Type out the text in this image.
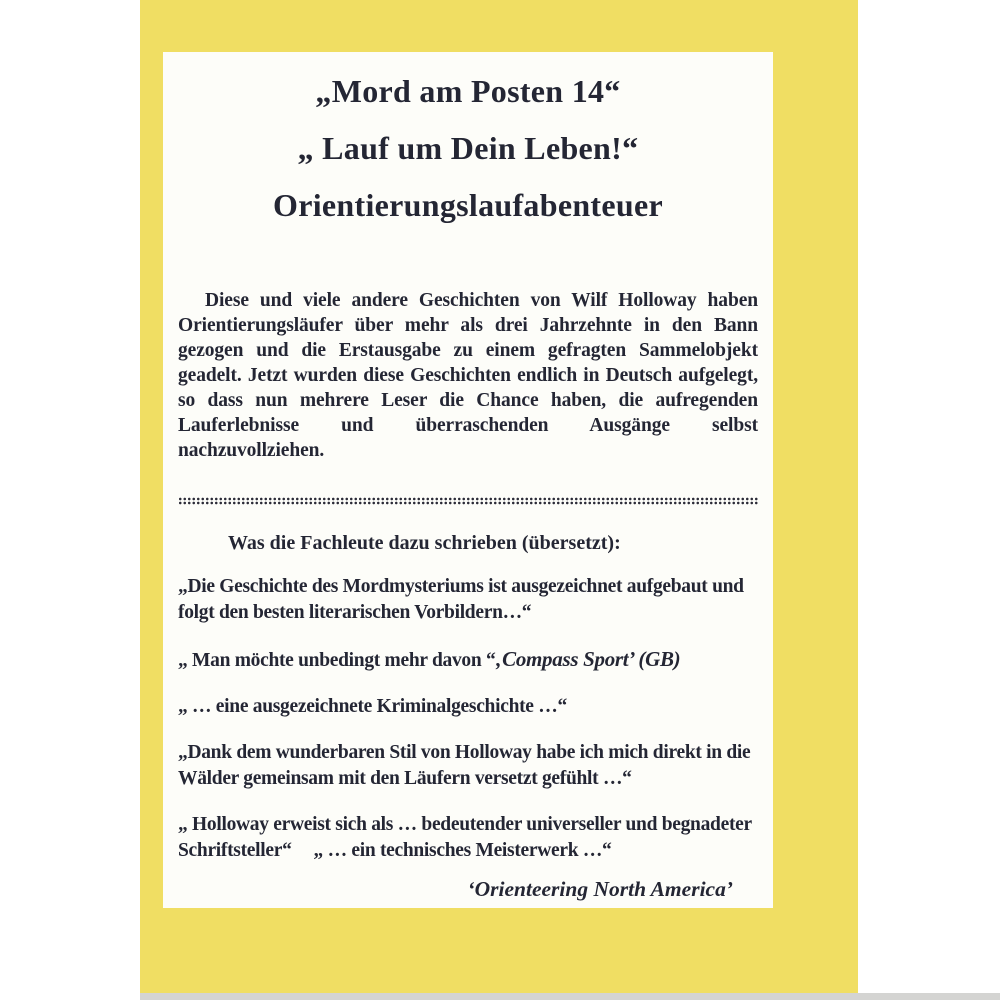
„Mord am Posten 14“
„ Lauf um Dein Leben!“
Orientierungslaufabenteuer
Diese und viele andere Geschichten von Wilf Holloway haben Orientierungsläufer über mehr als drei Jahrzehnte in den Bann gezogen und die Erstausgabe zu einem gefragten Sammelobjekt geadelt. Jetzt wurden diese Geschichten endlich in Deutsch aufgelegt, so dass nun mehrere Leser die Chance haben, die aufregenden Lauferlebnisse und überraschenden Ausgänge selbst nachzuvollziehen.
Was die Fachleute dazu schrieben (übersetzt):
„Die Geschichte des Mordmysteriums ist ausgezeichnet aufgebaut und folgt den besten literarischen Vorbildern…“
„ Man möchte unbedingt mehr davon “‚Compass Sport’ (GB)
„ … eine ausgezeichnete Kriminalgeschichte …“
„Dank dem wunderbaren Stil von Holloway habe ich mich direkt in die Wälder gemeinsam mit den Läufern versetzt gefühlt …“
„ Holloway erweist sich als … bedeutender universeller und begnadeter Schriftsteller“ „ … ein technisches Meisterwerk …“
‘Orienteering North America’
